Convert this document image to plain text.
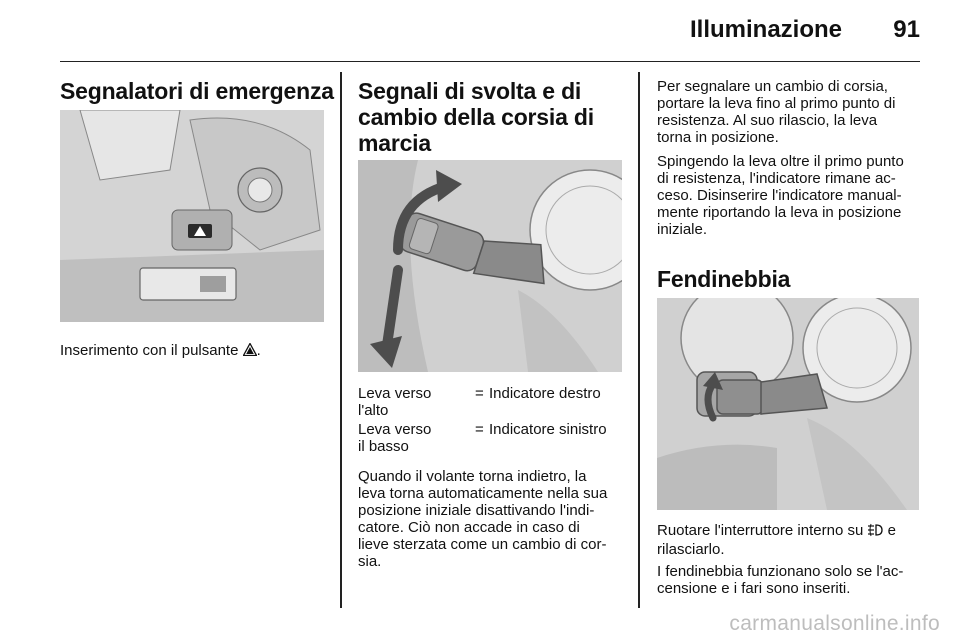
Illuminazione 91
Segnalatori di emergenza
Inserimento con il pulsante .
Segnali di svolta e di
cambio della corsia di
marcia
Leva verso
l'alto
= Indicatore destro
Leva verso
il basso
= Indicatore sinistro
Quando il volante torna indietro, la
leva torna automaticamente nella sua
posizione iniziale disattivando l'indi-
catore. Ciò non accade in caso di
lieve sterzata come un cambio di cor-
sia.
Per segnalare un cambio di corsia,
portare la leva fino al primo punto di
resistenza. Al suo rilascio, la leva
torna in posizione.
Spingendo la leva oltre il primo punto
di resistenza, l'indicatore rimane ac-
ceso. Disinserire l'indicatore manual-
mente riportando la leva in posizione
iniziale.
Fendinebbia
Ruotare l'interruttore interno su e
rilasciarlo.
I fendinebbia funzionano solo se l'ac-
censione e i fari sono inseriti.
carmanualsonline.info
